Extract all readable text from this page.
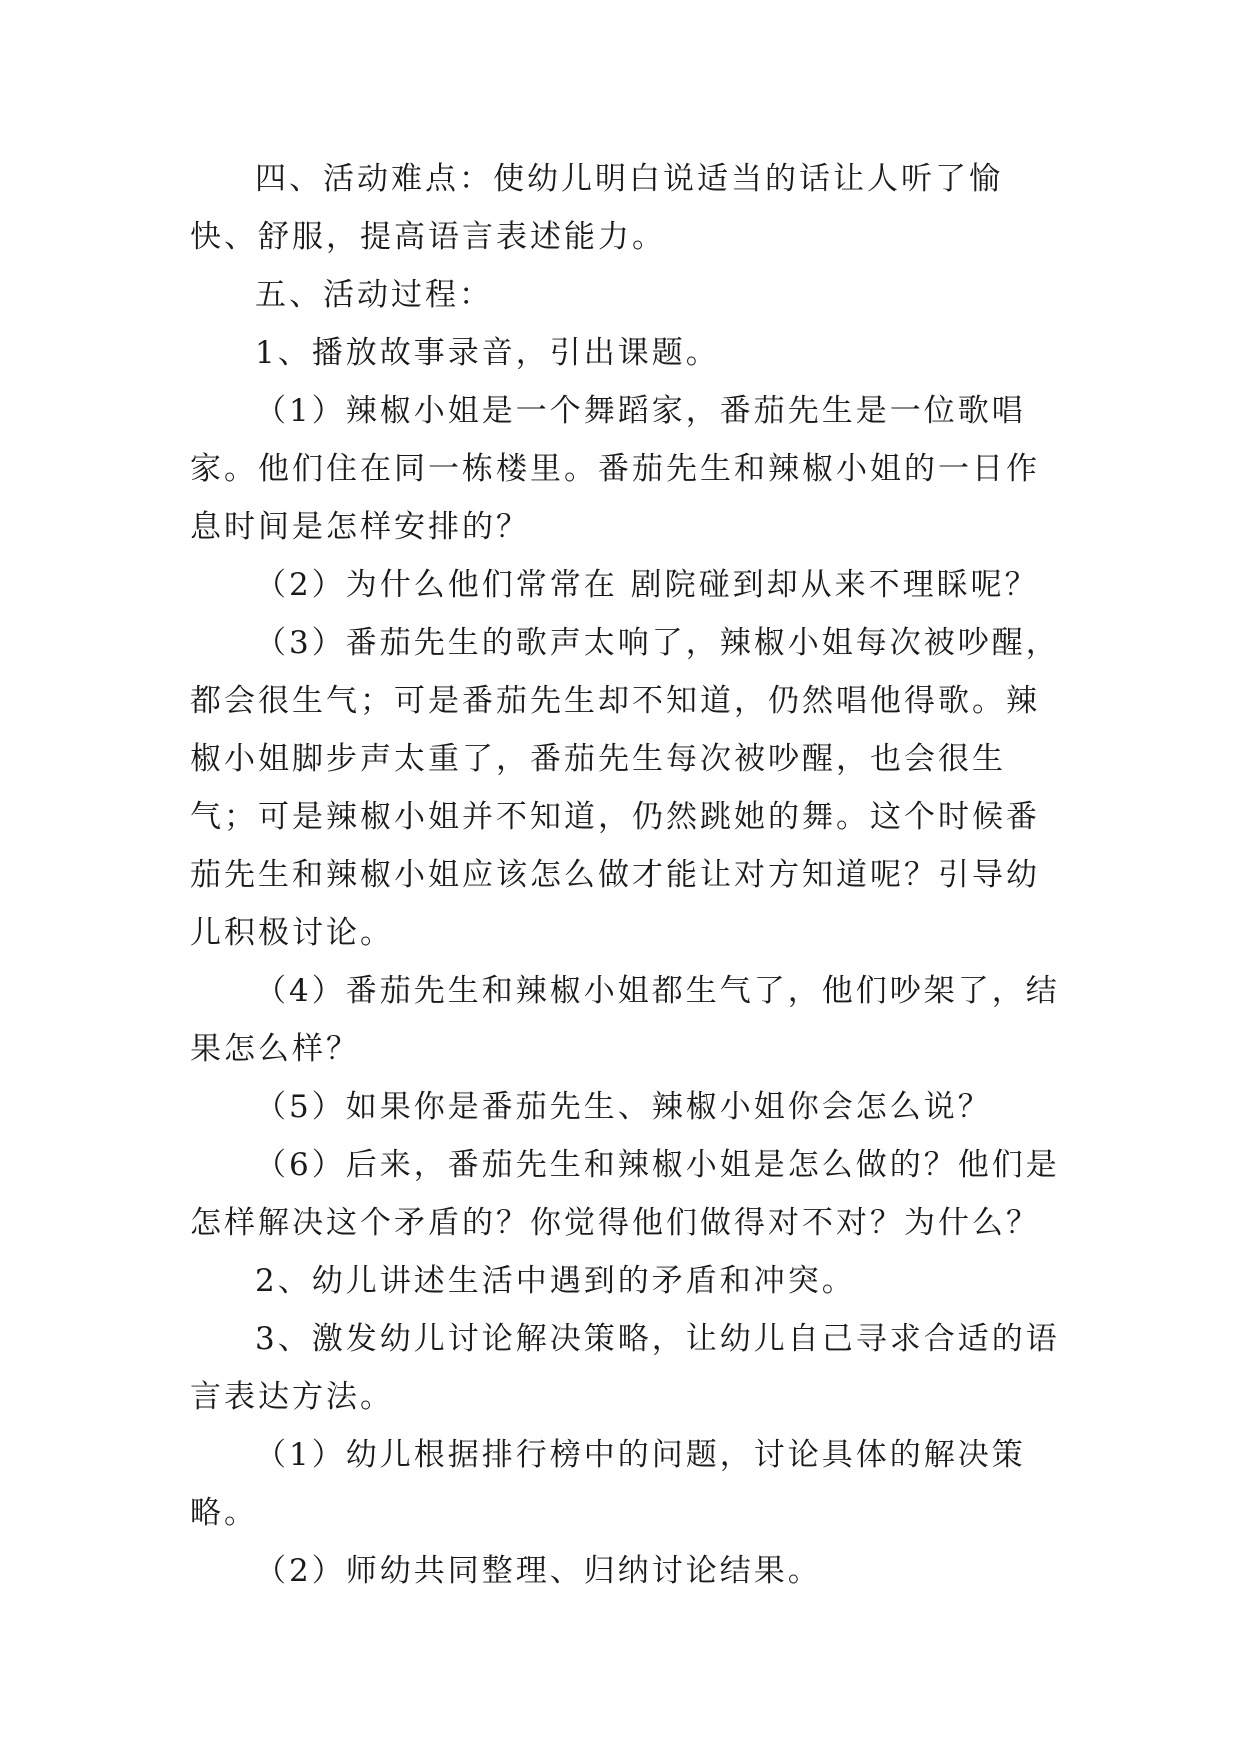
四、活动难点：使幼儿明白说适当的话让人听了愉快、舒服，提高语言表述能力。

五、活动过程：

1、播放故事录音，引出课题。

（1）辣椒小姐是一个舞蹈家，番茄先生是一位歌唱家。他们住在同一栋楼里。番茄先生和辣椒小姐的一日作息时间是怎样安排的？

（2）为什么他们常常在 剧院碰到却从来不理睬呢？

（3）番茄先生的歌声太响了，辣椒小姐每次被吵醒，都会很生气；可是番茄先生却不知道，仍然唱他得歌。辣椒小姐脚步声太重了，番茄先生每次被吵醒，也会很生气；可是辣椒小姐并不知道，仍然跳她的舞。这个时候番茄先生和辣椒小姐应该怎么做才能让对方知道呢？引导幼儿积极讨论。

（4）番茄先生和辣椒小姐都生气了，他们吵架了，结果怎么样？

（5）如果你是番茄先生、辣椒小姐你会怎么说？

（6）后来，番茄先生和辣椒小姐是怎么做的？他们是怎样解决这个矛盾的？你觉得他们做得对不对？为什么？

2、幼儿讲述生活中遇到的矛盾和冲突。

3、激发幼儿讨论解决策略，让幼儿自己寻求合适的语言表达方法。

（1）幼儿根据排行榜中的问题，讨论具体的解决策略。

（2）师幼共同整理、归纳讨论结果。
